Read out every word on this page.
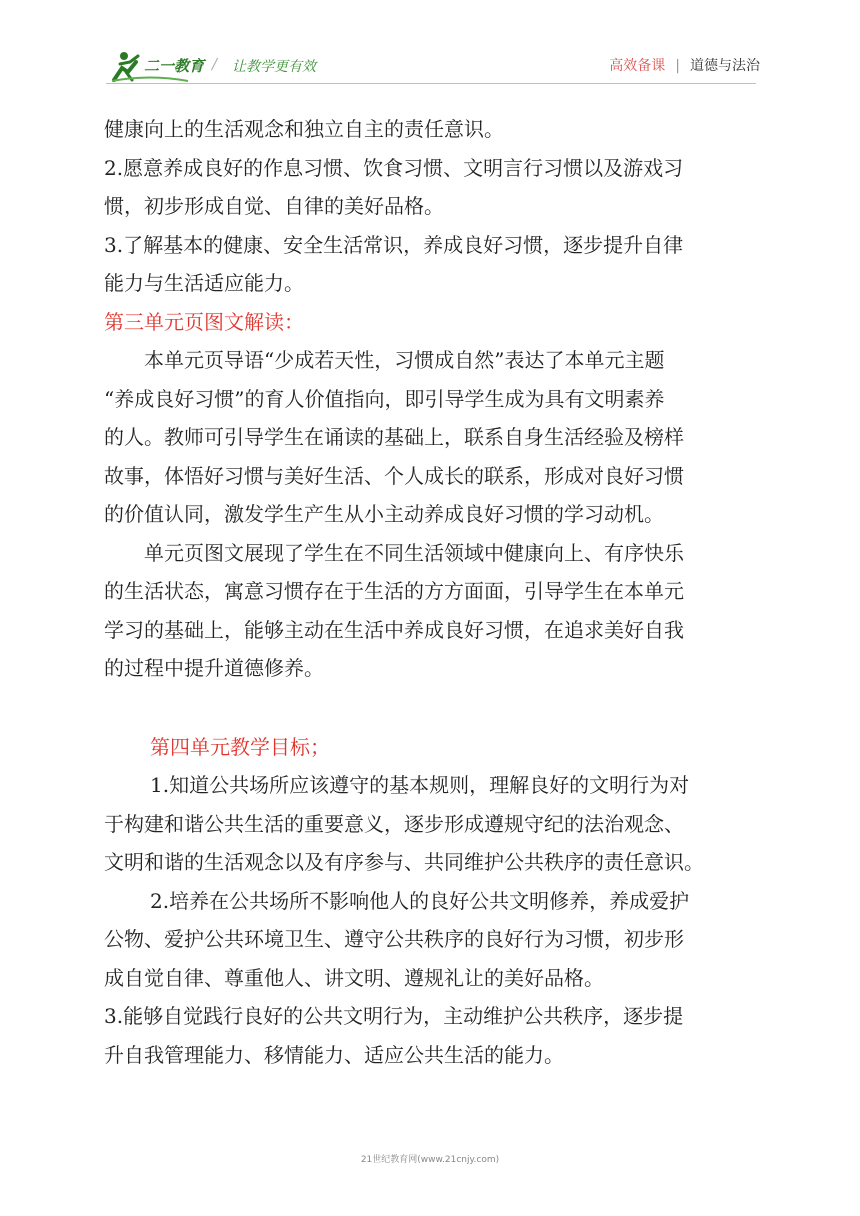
二一教育 / 让教学更有效	高效备课 | 道德与法治
健康向上的生活观念和独立自主的责任意识。
2.愿意养成良好的作息习惯、饮食习惯、文明言行习惯以及游戏习
惯，初步形成自觉、自律的美好品格。
3.了解基本的健康、安全生活常识，养成良好习惯，逐步提升自律
能力与生活适应能力。
第三单元页图文解读：
本单元页导语“少成若天性，习惯成自然”表达了本单元主题
“养成良好习惯”的育人价值指向，即引导学生成为具有文明素养
的人。教师可引导学生在诵读的基础上，联系自身生活经验及榜样
故事，体悟好习惯与美好生活、个人成长的联系，形成对良好习惯
的价值认同，激发学生产生从小主动养成良好习惯的学习动机。
单元页图文展现了学生在不同生活领域中健康向上、有序快乐
的生活状态，寓意习惯存在于生活的方方面面，引导学生在本单元
学习的基础上，能够主动在生活中养成良好习惯，在追求美好自我
的过程中提升道德修养。
第四单元教学目标；
1.知道公共场所应该遵守的基本规则，理解良好的文明行为对
于构建和谐公共生活的重要意义，逐步形成遵规守纪的法治观念、
文明和谐的生活观念以及有序参与、共同维护公共秩序的责任意识。
2.培养在公共场所不影响他人的良好公共文明修养，养成爱护
公物、爱护公共环境卫生、遵守公共秩序的良好行为习惯，初步形
成自觉自律、尊重他人、讲文明、遵规礼让的美好品格。
3.能够自觉践行良好的公共文明行为，主动维护公共秩序，逐步提
升自我管理能力、移情能力、适应公共生活的能力。
21世纪教育网(www.21cnjy.com)
